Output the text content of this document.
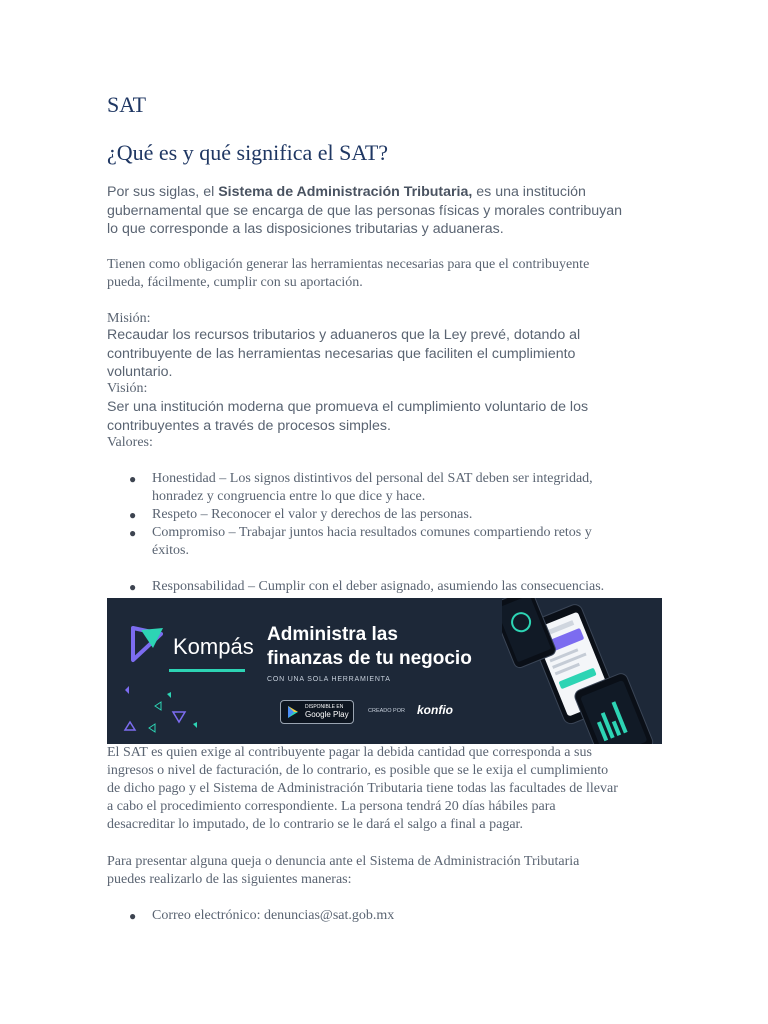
SAT
¿Qué es y qué significa el SAT?
Por sus siglas, el Sistema de Administración Tributaria, es una institución
gubernamental que se encarga de que las personas físicas y morales contribuyan
lo que corresponde a las disposiciones tributarias y aduaneras.
Tienen como obligación generar las herramientas necesarias para que el contribuyente
pueda, fácilmente, cumplir con su aportación.
Misión:
Recaudar los recursos tributarios y aduaneros que la Ley prevé, dotando al
contribuyente de las herramientas necesarias que faciliten el cumplimiento
voluntario.
Visión:
Ser una institución moderna que promueva el cumplimiento voluntario de los
contribuyentes a través de procesos simples.
Valores:
● Honestidad – Los signos distintivos del personal del SAT deben ser integridad,
honradez y congruencia entre lo que dice y hace.
● Respeto – Reconocer el valor y derechos de las personas.
● Compromiso – Trabajar juntos hacia resultados comunes compartiendo retos y
éxitos.
● Responsabilidad – Cumplir con el deber asignado, asumiendo las consecuencias.
Kompás Administra las
finanzas de tu negocio
CON UNA SOLA HERRAMIENTA
DISPONIBLE EN
Google Play	CREADO POR konfio
El SAT es quien exige al contribuyente pagar la debida cantidad que corresponda a sus
ingresos o nivel de facturación, de lo contrario, es posible que se le exija el cumplimiento
de dicho pago y el Sistema de Administración Tributaria tiene todas las facultades de llevar
a cabo el procedimiento correspondiente. La persona tendrá 20 días hábiles para
desacreditar lo imputado, de lo contrario se le dará el salgo a final a pagar.
Para presentar alguna queja o denuncia ante el Sistema de Administración Tributaria
puedes realizarlo de las siguientes maneras:
● Correo electrónico: denuncias@sat.gob.mx
